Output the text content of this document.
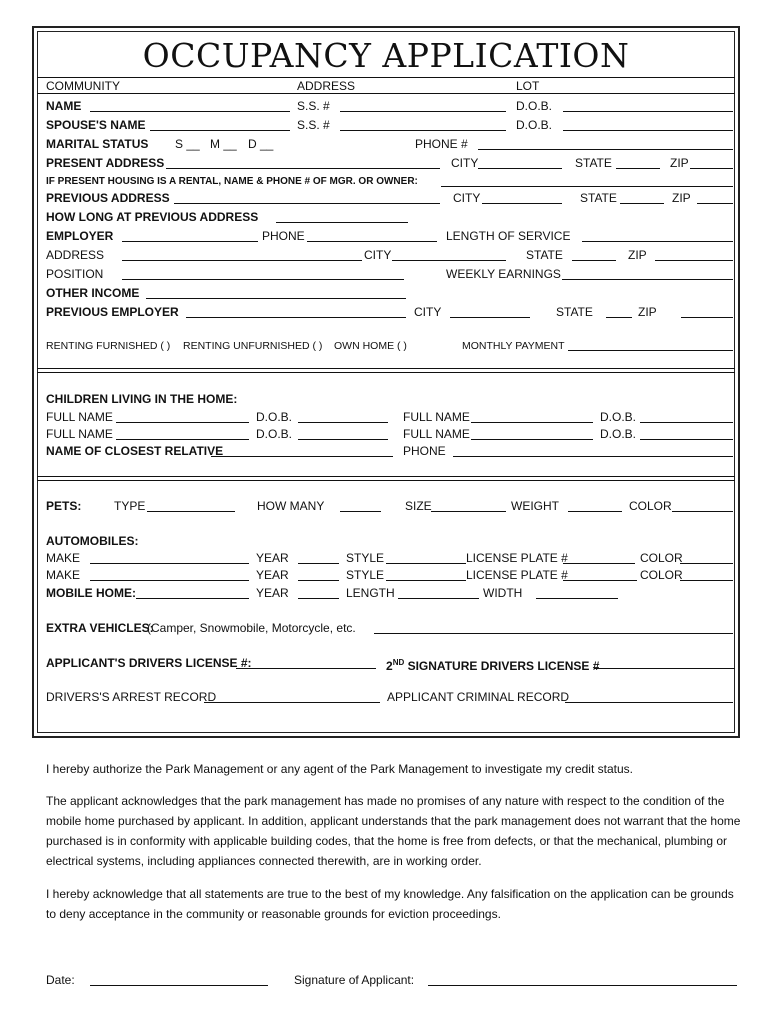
OCCUPANCY APPLICATION
COMMUNITY	ADDRESS	LOT
NAME	S.S. #	D.O.B.
SPOUSE'S NAME	S.S. #	D.O.B.
MARITAL STATUS S __ M __ D __	PHONE #
PRESENT ADDRESS	CITY	STATE	ZIP
IF PRESENT HOUSING IS A RENTAL, NAME & PHONE # OF MGR. OR OWNER:
PREVIOUS ADDRESS	CITY	STATE	ZIP
HOW LONG AT PREVIOUS ADDRESS
EMPLOYER	PHONE	LENGTH OF SERVICE
ADDRESS	CITY	STATE	ZIP
POSITION	WEEKLY EARNINGS
OTHER INCOME
PREVIOUS EMPLOYER	CITY	STATE	ZIP
RENTING FURNISHED ( ) RENTING UNFURNISHED ( ) OWN HOME ( )	MONTHLY PAYMENT
CHILDREN LIVING IN THE HOME:
FULL NAME	D.O.B.	FULL NAME	D.O.B.
FULL NAME	D.O.B.	FULL NAME	D.O.B.
NAME OF CLOSEST RELATIVE	PHONE
PETS:	TYPE	HOW MANY	SIZE	WEIGHT	COLOR
AUTOMOBILES:
MAKE	YEAR	STYLE	LICENSE PLATE #	COLOR
MAKE	YEAR	STYLE	LICENSE PLATE #	COLOR
MOBILE HOME:	YEAR	LENGTH	WIDTH
EXTRA VEHICLES:
(Camper, Snowmobile, Motorcycle, etc.
APPLICANT'S DRIVERS LICENSE #:	2ND SIGNATURE DRIVERS LICENSE #
DRIVERS'S ARREST RECORD	APPLICANT CRIMINAL RECORD
I hereby authorize the Park Management or any agent of the Park Management to investigate my credit status.
The applicant acknowledges that the park management has made no promises of any nature with respect to the condition of the mobile home purchased by applicant. In addition, applicant understands that the park management does not warrant that the home purchased is in conformity with applicable building codes, that the home is free from defects, or that the mechanical, plumbing or electrical systems, including appliances connected therewith, are in working order.
I hereby acknowledge that all statements are true to the best of my knowledge. Any falsification on the application can be grounds to deny acceptance in the community or reasonable grounds for eviction proceedings.
Date:	Signature of Applicant:
